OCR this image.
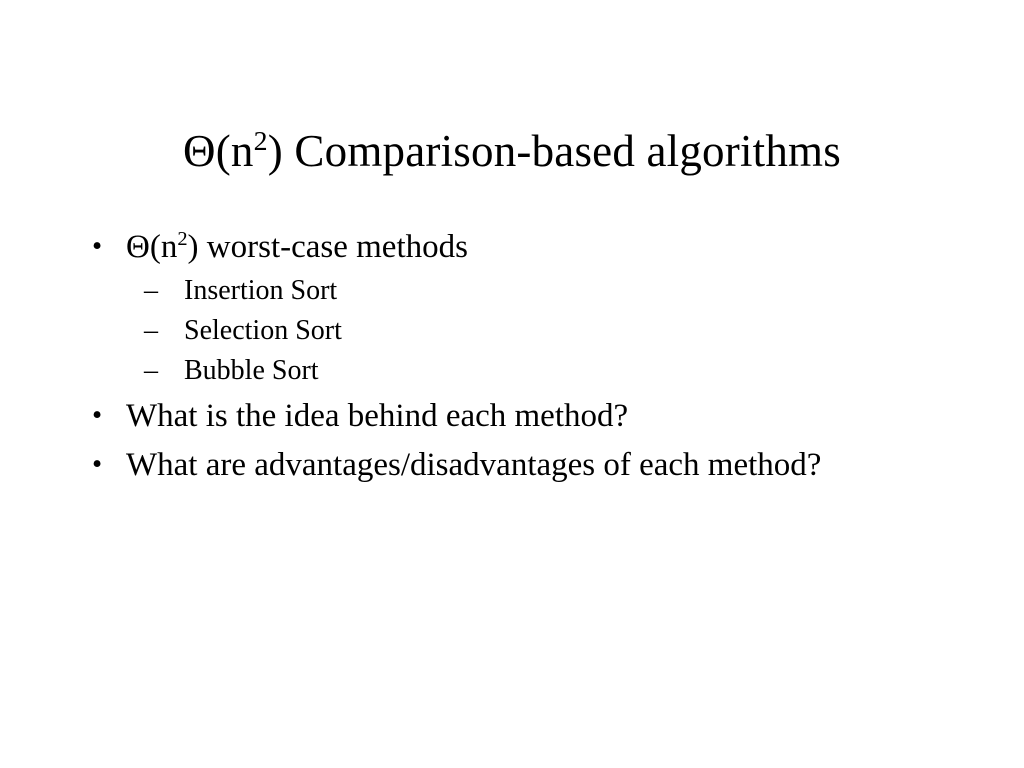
$\Theta(n^2)$ Comparison-based algorithms
• $\Theta(n^2)$ worst-case methods
– Insertion Sort
– Selection Sort
– Bubble Sort
• What is the idea behind each method?
• What are advantages/disadvantages of each method?
